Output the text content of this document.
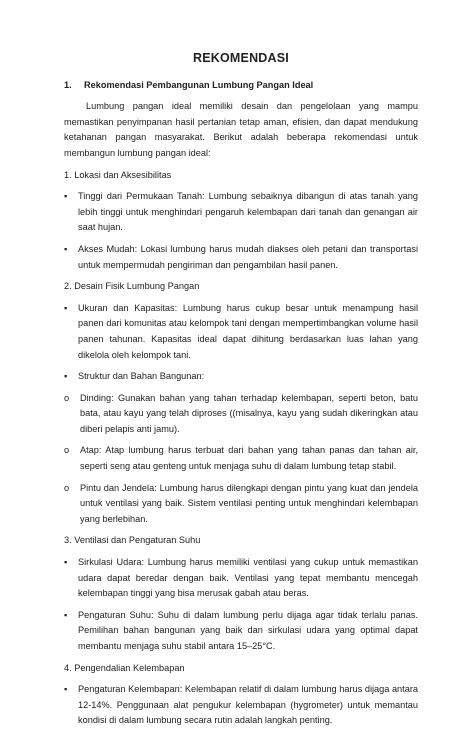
REKOMENDASI
1. Rekomendasi Pembangunan Lumbung Pangan Ideal

Lumbung pangan ideal memiliki desain dan pengelolaan yang mampu memastikan penyimpanan hasil pertanian tetap aman, efisien, dan dapat mendukung ketahanan pangan masyarakat. Berikut adalah beberapa rekomendasi untuk membangun lumbung pangan ideal:

1. Lokasi dan Aksesibilitas

▪	Tinggi dari Permukaan Tanah: Lumbung sebaiknya dibangun di atas tanah yang lebih tinggi untuk menghindari pengaruh kelembapan dari tanah dan genangan air saat hujan.
▪	Akses Mudah: Lokasi lumbung harus mudah diakses oleh petani dan transportasi untuk mempermudah pengiriman dan pengambilan hasil panen.

2. Desain Fisik Lumbung Pangan

▪	Ukuran dan Kapasitas: Lumbung harus cukup besar untuk menampung hasil panen dari komunitas atau kelompok tani dengan mempertimbangkan volume hasil panen tahunan. Kapasitas ideal dapat dihitung berdasarkan luas lahan yang dikelola oleh kelompok tani.
▪	Struktur dan Bahan Bangunan:
o	Dinding: Gunakan bahan yang tahan terhadap kelembapan, seperti beton, batu bata, atau kayu yang telah diproses ((misalnya, kayu yang sudah dikeringkan atau diberi pelapis anti jamu).
o	Atap: Atap lumbung harus terbuat dari bahan yang tahan panas dan tahan air, seperti seng atau genteng untuk menjaga suhu di dalam lumbung tetap stabil.
o	Pintu dan Jendela: Lumbung harus dilengkapi dengan pintu yang kuat dan jendela untuk ventilasi yang baik. Sistem ventilasi penting untuk menghindari kelembapan yang berlebihan.

3. Ventilasi dan Pengaturan Suhu

▪	Sirkulasi Udara: Lumbung harus memiliki ventilasi yang cukup untuk memastikan udara dapat beredar dengan baik. Ventilasi yang tepat membantu mencegah kelembapan tinggi yang bisa merusak gabah atau beras.
▪	Pengaturan Suhu: Suhu di dalam lumbung perlu dijaga agar tidak terlalu panas. Pemilihan bahan bangunan yang baik dan sirkulasi udara yang optimal dapat membantu menjaga suhu stabil antara 15–25°C.

4. Pengendalian Kelembapan

▪	Pengaturan Kelembapan: Kelembapan relatif di dalam lumbung harus dijaga antara 12-14%. Penggunaan alat pengukur kelembapan (hygrometer) untuk memantau kondisi di dalam lumbung secara rutin adalah langkah penting.
